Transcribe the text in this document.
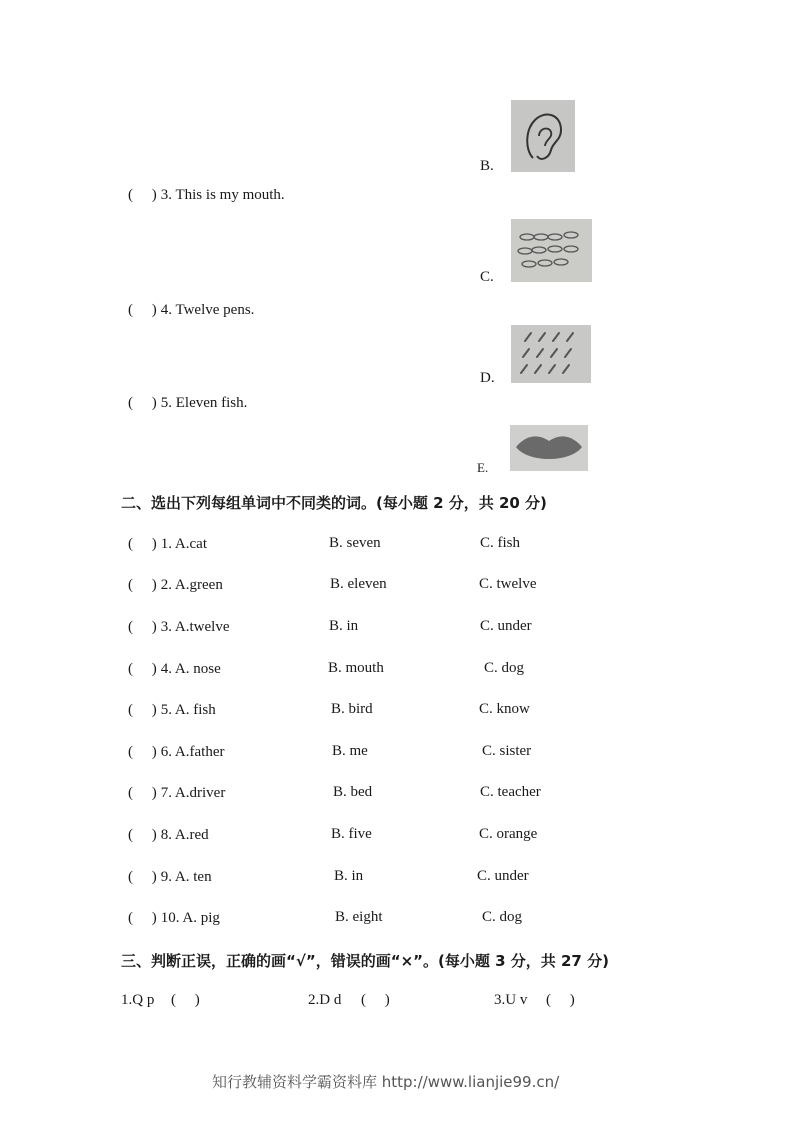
B.
(     ) 3. This is my mouth.
C.
(     ) 4. Twelve pens.
D.
(     ) 5. Eleven fish.
E.
二、选出下列每组单词中不同类的词。(每小题 2 分，共 20 分)
(     ) 1. A.cat	B. seven	C. fish
(     ) 2. A.green	B. eleven	C. twelve
(     ) 3. A.twelve	B. in	C. under
(     ) 4. A. nose	B. mouth	C. dog
(     ) 5. A. fish	B. bird	C. know
(     ) 6. A.father	B. me	C. sister
(     ) 7. A.driver	B. bed	C. teacher
(     ) 8. A.red	B. five	C. orange
(     ) 9. A. ten	B. in	C. under
(     ) 10. A. pig	B. eight	C. dog
三、判断正误，正确的画“√”，错误的画“×”。(每小题 3 分，共 27 分)
1.Q p (     )	2.D d (     )	3.U v (     )
知行教辅资料学霸资料库 http://www.lianjie99.cn/
